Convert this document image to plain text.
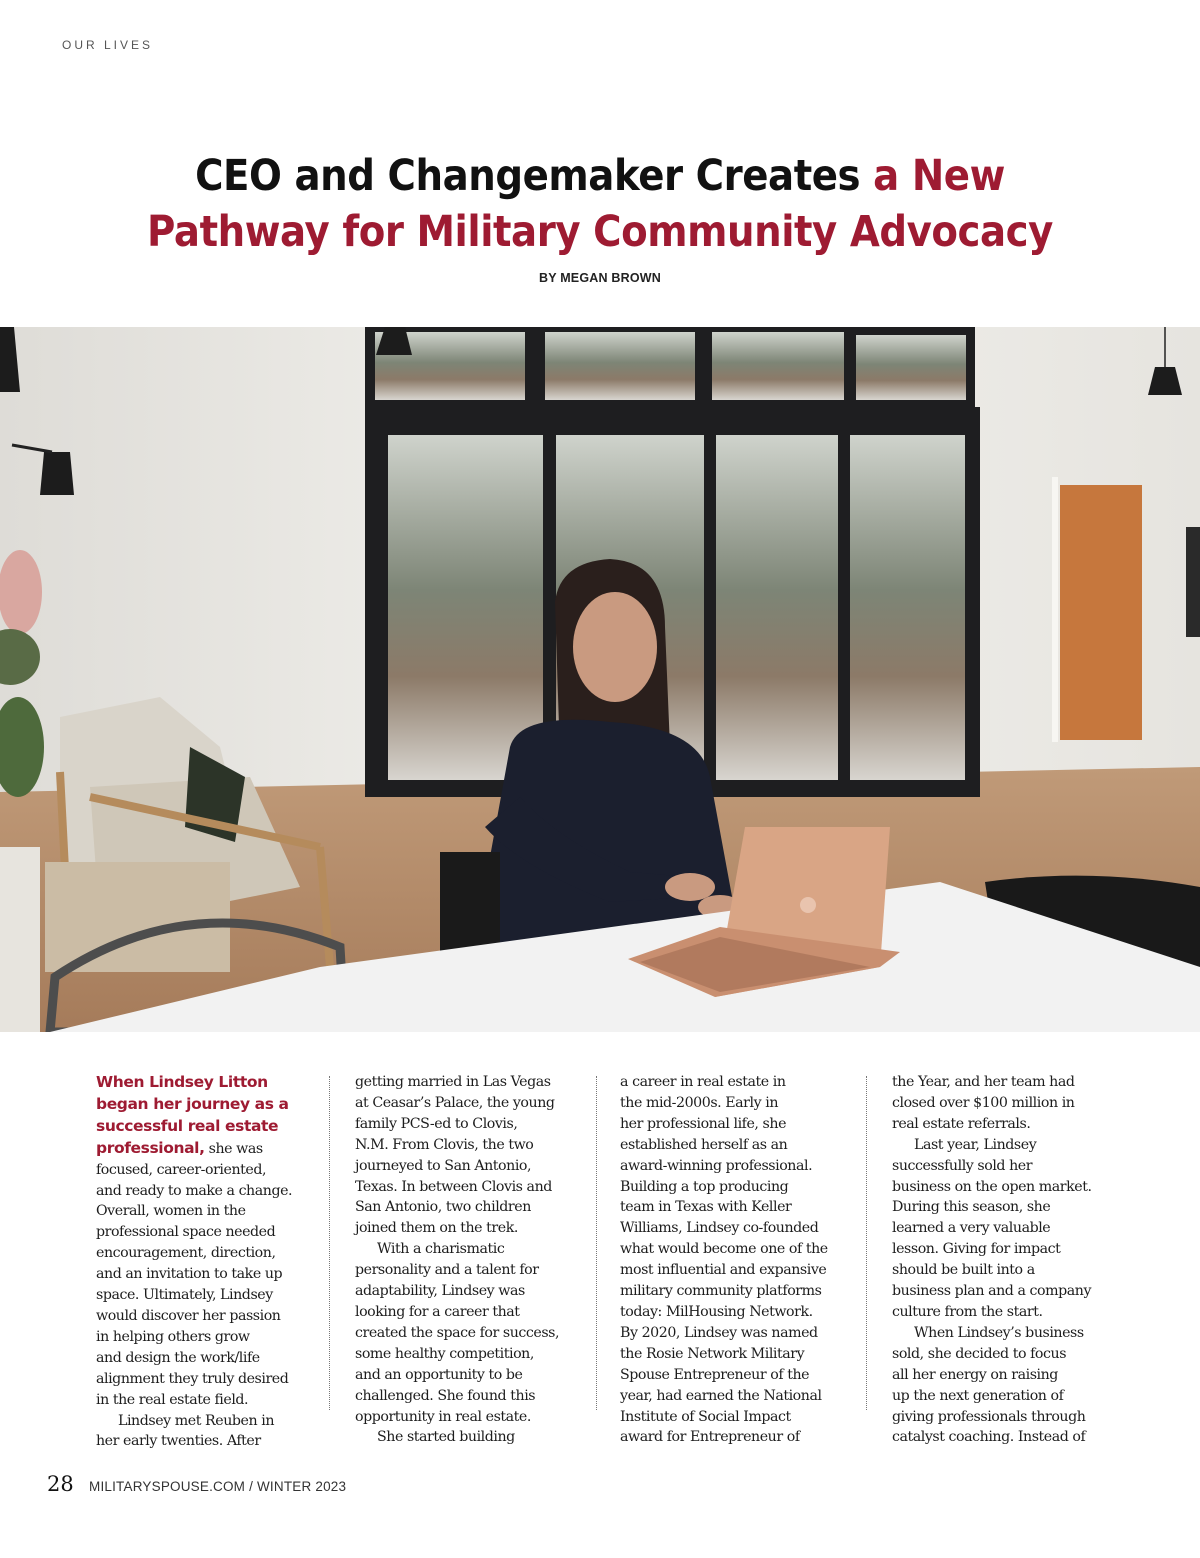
OUR LIVES
CEO and Changemaker Creates a New
Pathway for Military Community Advocacy
BY MEGAN BROWN

When Lindsey Litton
began her journey as a
successful real estate
professional, she was

focused, career-oriented,

and ready to make a change.

Overall, women in the

professional space needed

encouragement, direction,

and an invitation to take up

space. Ultimately, Lindsey

would discover her passion

in helping others grow

and design the work/life

alignment they truly desired

in the real estate field.

Lindsey met Reuben in

her early twenties. After

getting married in Las Vegas

at Ceasar’s Palace, the young

family PCS-ed to Clovis,

N.M. From Clovis, the two

journeyed to San Antonio,

Texas. In between Clovis and

San Antonio, two children

joined them on the trek.

With a charismatic

personality and a talent for

adaptability, Lindsey was

looking for a career that

created the space for success,

some healthy competition,

and an opportunity to be

challenged. She found this

opportunity in real estate.

She started building

a career in real estate in

the mid-2000s. Early in

her professional life, she

established herself as an

award-winning professional.

Building a top producing

team in Texas with Keller

Williams, Lindsey co-founded

what would become one of the

most influential and expansive

military community platforms

today: MilHousing Network.

By 2020, Lindsey was named

the Rosie Network Military

Spouse Entrepreneur of the

year, had earned the National

Institute of Social Impact

award for Entrepreneur of

the Year, and her team had

closed over $100 million in

real estate referrals.

Last year, Lindsey

successfully sold her

business on the open market.

During this season, she

learned a very valuable

lesson. Giving for impact

should be built into a

business plan and a company

culture from the start.

When Lindsey’s business

sold, she decided to focus

all her energy on raising

up the next generation of

giving professionals through

catalyst coaching. Instead of

28 MILITARYSPOUSE.COM / WINTER 2023
